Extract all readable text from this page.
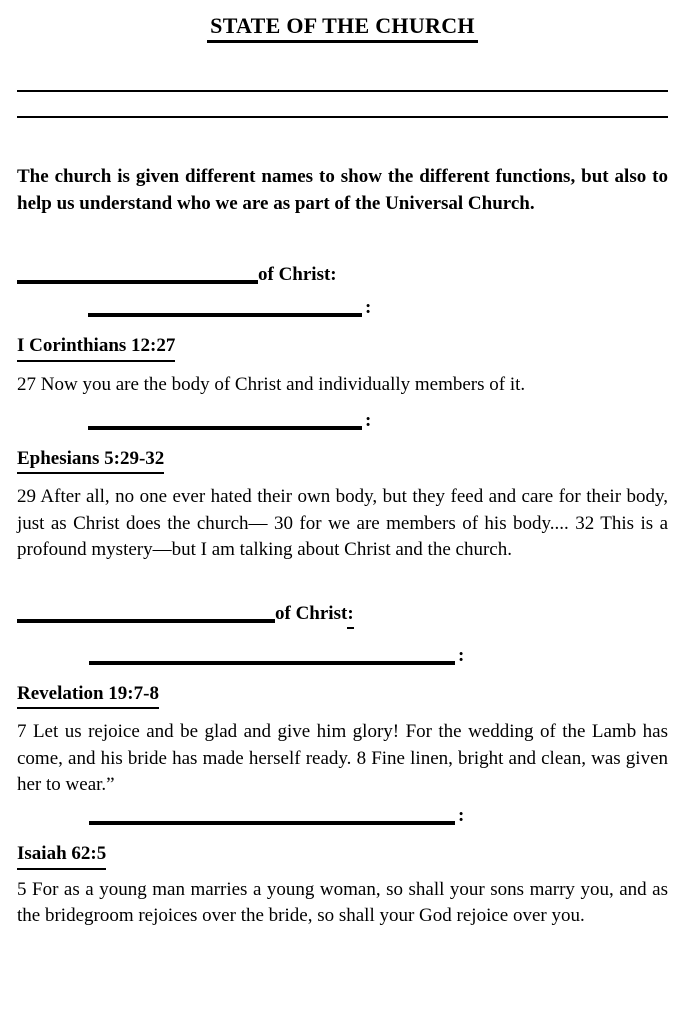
STATE OF THE CHURCH

The church is given different names to show the different functions, but also to help us understand who we are as part of the Universal Church.

of Christ:

:

I Corinthians 12:27

27 Now you are the body of Christ and individually members of it.

:

Ephesians 5:29-32

29 After all, no one ever hated their own body, but they feed and care for their body, just as Christ does the church— 30 for we are members of his body.... 32 This is a profound mystery—but I am talking about Christ and the church.

of Christ:

:

Revelation 19:7-8

7 Let us rejoice and be glad and give him glory! For the wedding of the Lamb has come, and his bride has made herself ready. 8 Fine linen, bright and clean, was given her to wear.”

:

Isaiah 62:5

5 For as a young man marries a young woman, so shall your sons marry you, and as the bridegroom rejoices over the bride, so shall your God rejoice over you.
